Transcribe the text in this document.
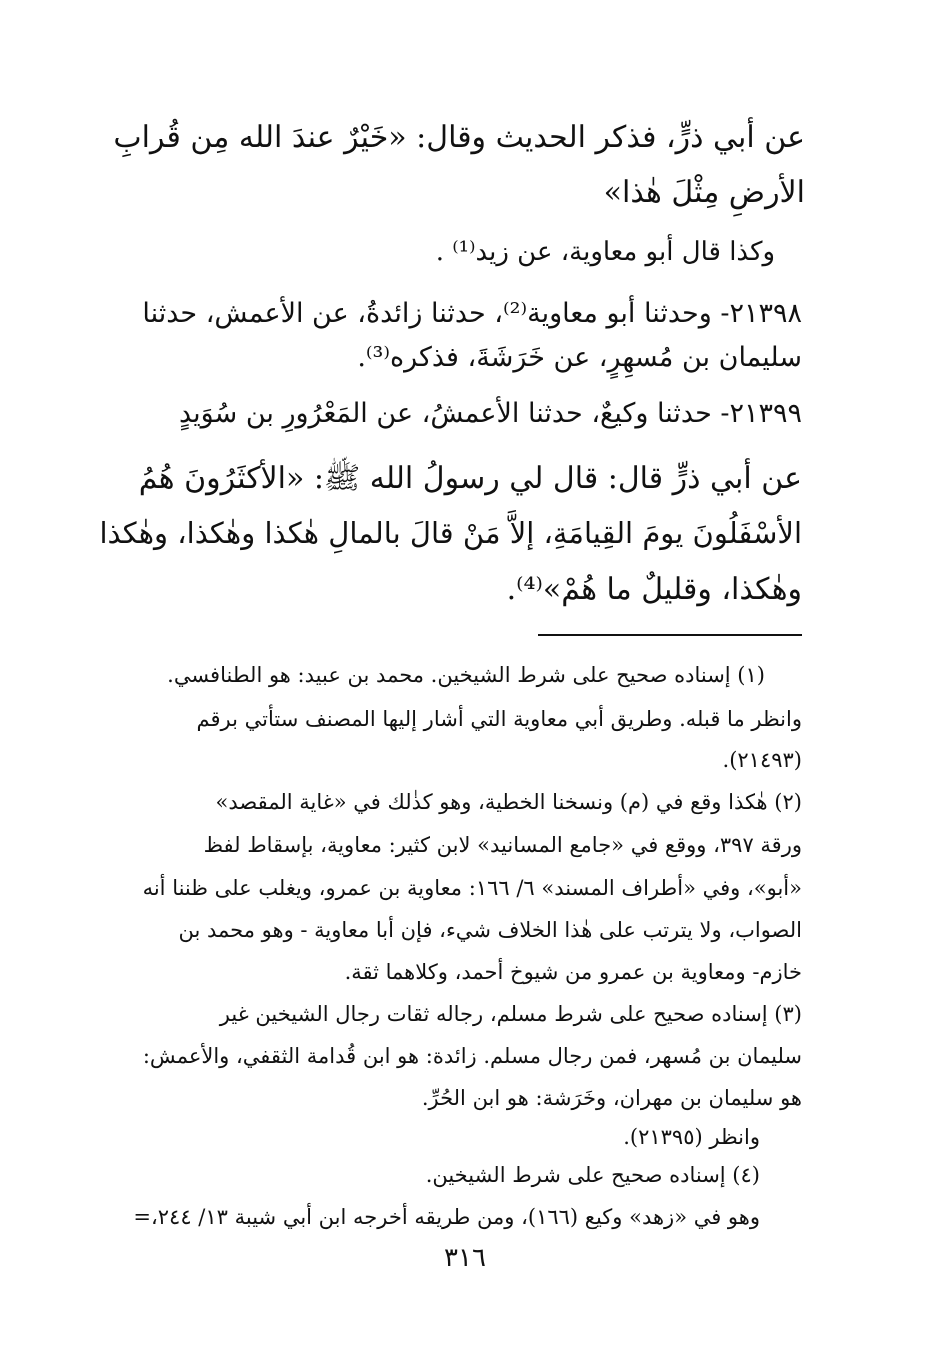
عن أبي ذرٍّ، فذكر الحديث وقال: «خَيْرٌ عندَ الله مِن قُرابِ
الأرضِ مِثْلَ هٰذا»
وكذا قال أبو معاوية، عن زيد⁽¹⁾ .
٢١٣٩٨- وحدثنا أبو معاوية⁽²⁾، حدثنا زائدةُ، عن الأعمش، حدثنا
سليمان بن مُسهِرٍ، عن خَرَشَةَ، فذكره⁽³⁾.
٢١٣٩٩- حدثنا وكيعٌ، حدثنا الأعمشُ، عن المَعْرُورِ بن سُوَيدٍ
عن أبي ذرٍّ قال: قال لي رسولُ الله ﷺ: «الأكثَرُونَ هُمُ
الأسْفَلُونَ يومَ القِيامَةِ، إلاَّ مَنْ قالَ بالمالِ هٰكذا وهٰكذا، وهٰكذا
وهٰكذا، وقليلٌ ما هُمْ»⁽⁴⁾.
(١) إسناده صحيح على شرط الشيخين. محمد بن عبيد: هو الطنافسي.
وانظر ما قبله. وطريق أبي معاوية التي أشار إليها المصنف ستأتي برقم
(٢١٤٩٣).
(٢) هٰكذا وقع في (م) ونسخنا الخطية، وهو كذٰلك في «غاية المقصد»
ورقة ٣٩٧، ووقع في «جامع المسانيد» لابن كثير: معاوية، بإسقاط لفظ
«أبو»، وفي «أطراف المسند» ٦/ ١٦٦: معاوية بن عمرو، ويغلب على ظننا أنه
الصواب، ولا يترتب على هٰذا الخلاف شيء، فإن أبا معاوية - وهو محمد بن
خازم- ومعاوية بن عمرو من شيوخ أحمد، وكلاهما ثقة.
(٣) إسناده صحيح على شرط مسلم، رجاله ثقات رجال الشيخين غير
سليمان بن مُسهر، فمن رجال مسلم. زائدة: هو ابن قُدامة الثقفي، والأعمش:
هو سليمان بن مهران، وخَرَشة: هو ابن الحُرِّ.
وانظر (٢١٣٩٥).
(٤) إسناده صحيح على شرط الشيخين.
وهو في «زهد» وكيع (١٦٦)، ومن طريقه أخرجه ابن أبي شيبة ١٣/ ٢٤٤،=
٣١٦
